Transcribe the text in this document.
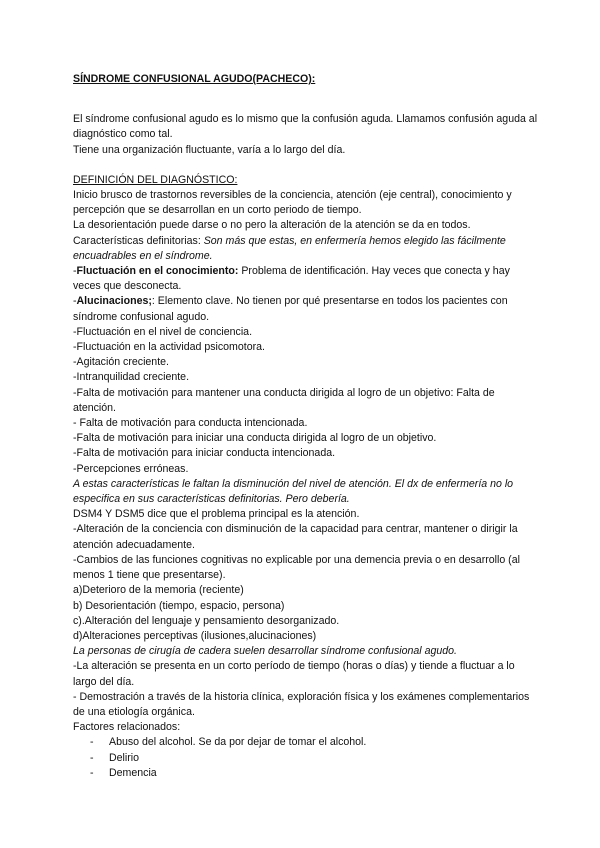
SÍNDROME CONFUSIONAL AGUDO(PACHECO):

El síndrome confusional agudo es lo mismo que la confusión aguda. Llamamos confusión aguda al diagnóstico como tal.

Tiene una organización fluctuante, varía a lo largo del día.

DEFINICIÓN DEL DIAGNÓSTICO:

Inicio brusco de trastornos reversibles de la conciencia, atención (eje central), conocimiento y percepción que se desarrollan en un corto periodo de tiempo.

La desorientación puede darse o no pero la alteración de la atención se da en todos.

Características definitorias: Son más que estas, en enfermería hemos elegido las fácilmente encuadrables en el síndrome.

-Fluctuación en el conocimiento: Problema de identificación. Hay veces que conecta y hay veces que desconecta.

-Alucinaciones;: Elemento clave. No tienen por qué presentarse en todos los pacientes con síndrome confusional agudo.

-Fluctuación en el nivel de conciencia.

-Fluctuación en la actividad psicomotora.

-Agitación creciente.

-Intranquilidad creciente.

-Falta de motivación para mantener una conducta dirigida al logro de un objetivo: Falta de atención.

- Falta de motivación para conducta intencionada.

-Falta de motivación para iniciar una conducta dirigida al logro de un objetivo.

-Falta de motivación para iniciar conducta intencionada.

-Percepciones erróneas.

A estas características le faltan la disminución del nivel de atención. El dx de enfermería no lo especifica en sus características definitorias. Pero debería.

DSM4 Y DSM5 dice que el problema principal es la atención.

-Alteración de la conciencia con disminución de la capacidad para centrar, mantener o dirigir la atención adecuadamente.

-Cambios de las funciones cognitivas no explicable por una demencia previa o en desarrollo (al menos 1 tiene que presentarse).

a)Deterioro de la memoria (reciente)

b) Desorientación (tiempo, espacio, persona)

c).Alteración del lenguaje y pensamiento desorganizado.

d)Alteraciones perceptivas (ilusiones,alucinaciones)

La personas de cirugía de cadera suelen desarrollar síndrome confusional agudo.

-La alteración se presenta en un corto período de tiempo (horas o días) y tiende a fluctuar a lo largo del día.

- Demostración a través de la historia clínica, exploración física y los exámenes complementarios de una etiología orgánica.

Factores relacionados:

-	Abuso del alcohol. Se da por dejar de tomar el alcohol.
-	Delirio
-	Demencia
